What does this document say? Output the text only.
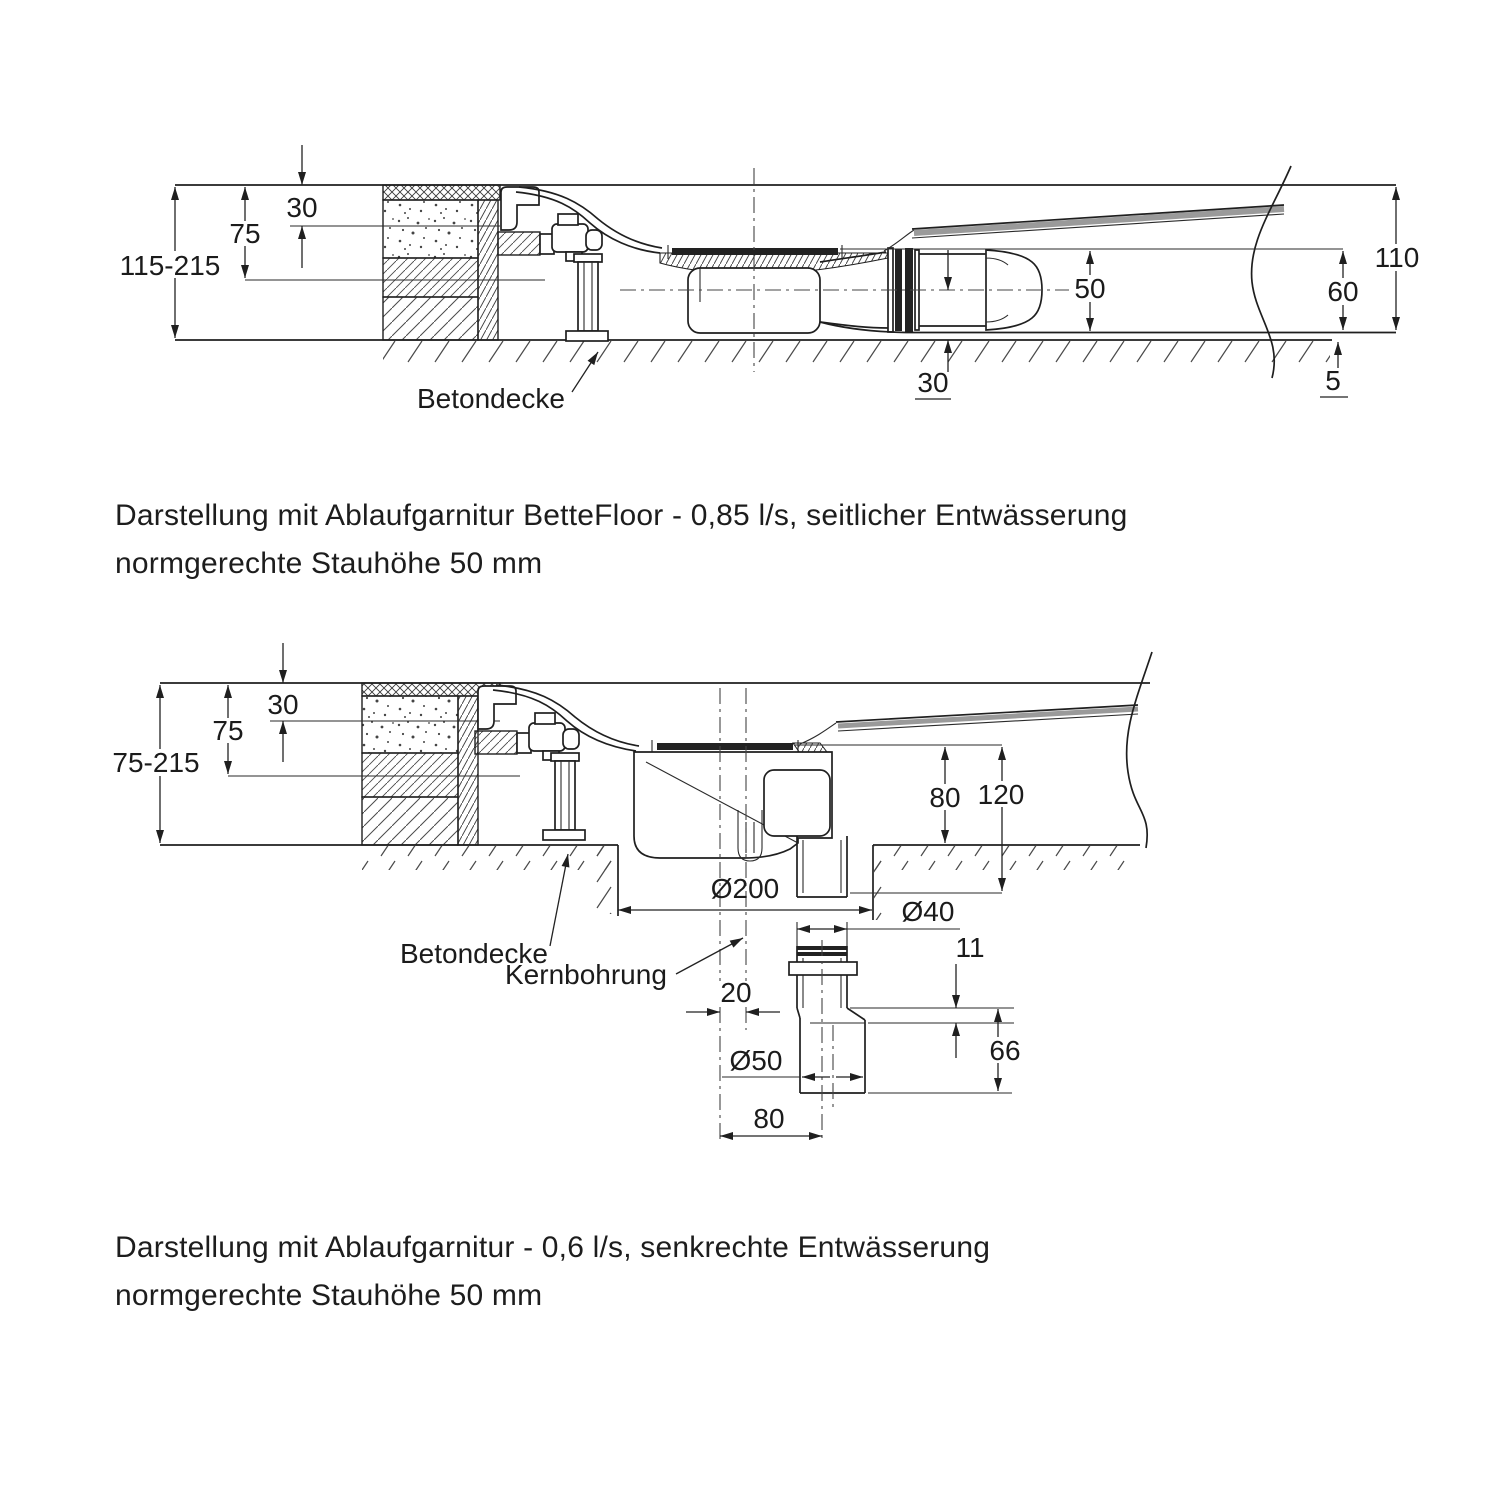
30
75
115-215
50
30
110
60
5
Betondecke
30
75
75-215
80 120
Ø200
Ø40
11
66
20
Ø50
80
Betondecke
Kernbohrung
Darstellung mit Ablaufgarnitur BetteFloor - 0,85 l/s, seitlicher Entwässerung
normgerechte Stauhöhe 50 mm
Darstellung mit Ablaufgarnitur - 0,6 l/s, senkrechte Entwässerung
normgerechte Stauhöhe 50 mm
